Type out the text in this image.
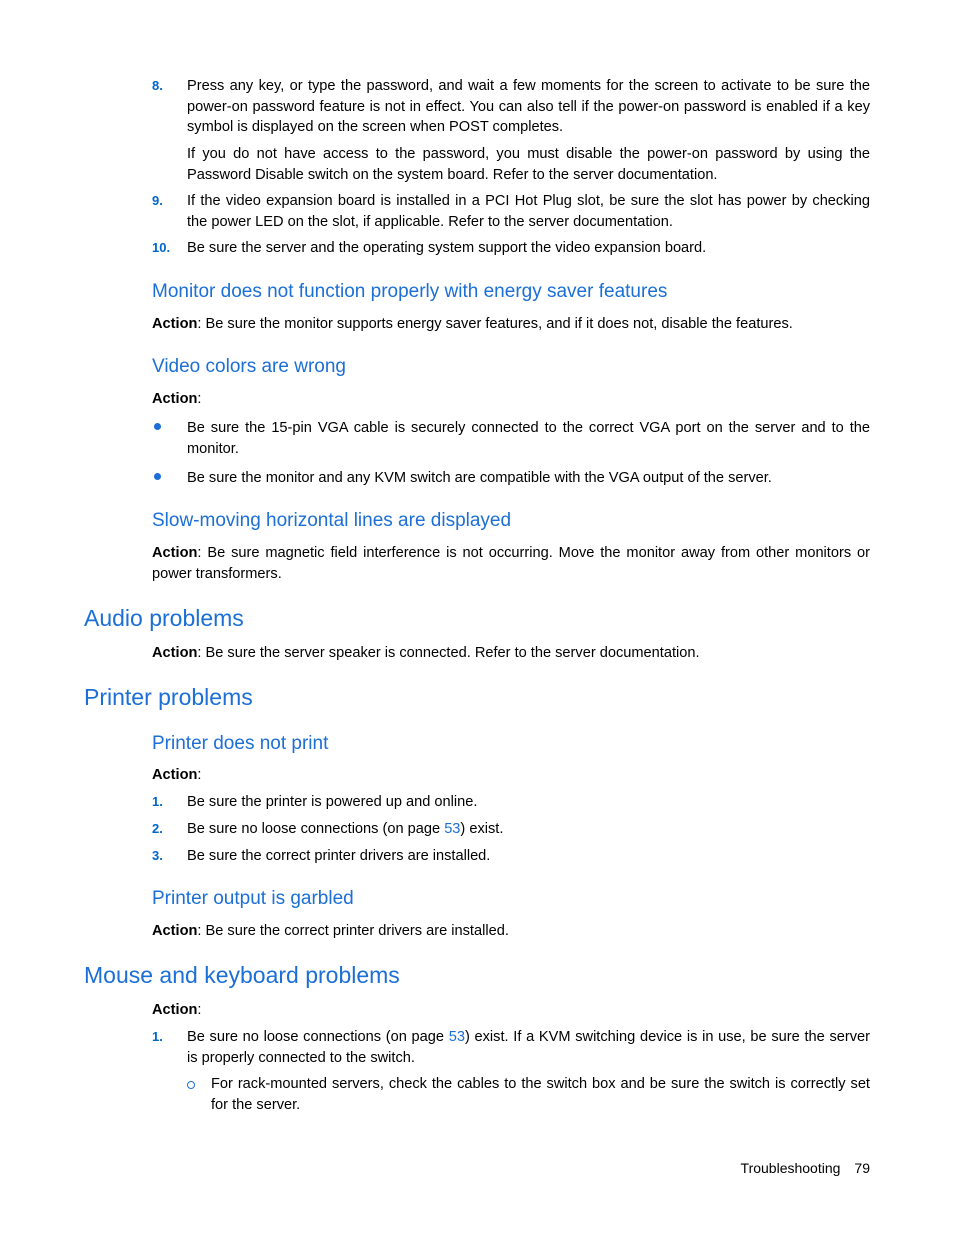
8. Press any key, or type the password, and wait a few moments for the screen to activate to be sure the power-on password feature is not in effect. You can also tell if the power-on password is enabled if a key symbol is displayed on the screen when POST completes.
If you do not have access to the password, you must disable the power-on password by using the Password Disable switch on the system board. Refer to the server documentation.
9. If the video expansion board is installed in a PCI Hot Plug slot, be sure the slot has power by checking the power LED on the slot, if applicable. Refer to the server documentation.
10. Be sure the server and the operating system support the video expansion board.
Monitor does not function properly with energy saver features
Action: Be sure the monitor supports energy saver features, and if it does not, disable the features.
Video colors are wrong
Action:
Be sure the 15-pin VGA cable is securely connected to the correct VGA port on the server and to the monitor.
Be sure the monitor and any KVM switch are compatible with the VGA output of the server.
Slow-moving horizontal lines are displayed
Action: Be sure magnetic field interference is not occurring. Move the monitor away from other monitors or power transformers.
Audio problems
Action: Be sure the server speaker is connected. Refer to the server documentation.
Printer problems
Printer does not print
Action:
1. Be sure the printer is powered up and online.
2. Be sure no loose connections (on page 53) exist.
3. Be sure the correct printer drivers are installed.
Printer output is garbled
Action: Be sure the correct printer drivers are installed.
Mouse and keyboard problems
Action:
1. Be sure no loose connections (on page 53) exist. If a KVM switching device is in use, be sure the server is properly connected to the switch.
For rack-mounted servers, check the cables to the switch box and be sure the switch is correctly set for the server.
Troubleshooting 79
